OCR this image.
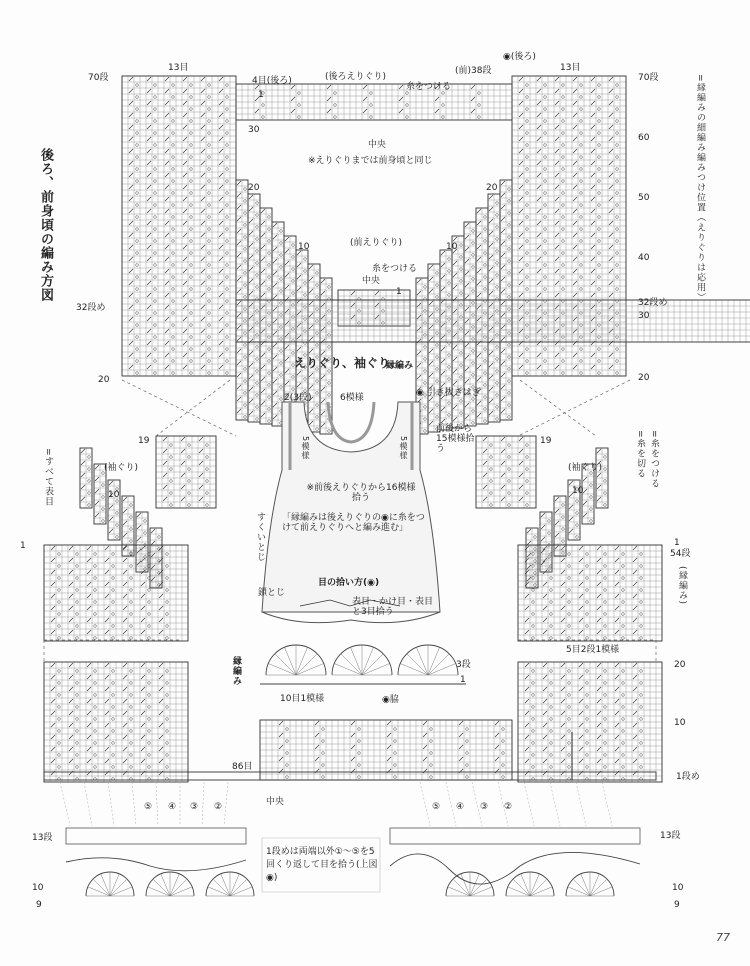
後ろ、前身頃の編み方図	=縁編みの細編み編みつけ位置（えりぐりは応用）
=糸を切る =糸をつける
=すべて表目
70段
13目
4目(後ろ)	(後ろえりぐり)
(前)38段
◉(後ろ)
13目
70段
糸をつける
1
30
中央
※えりぐりまでは前身頃と同じ
20
10	(前えりぐり)
糸をつける
中央
32段め
20
60
50
40
32段め
30
20
20
10
1
えりぐり、袖ぐり
縁編み
2(3段)	6模様	◉ 引き抜きはぎ
5模様	5模様
前後から15模様拾う
※前後えりぐりから16模様拾う
「縁編みは後えりぐりの◉に糸をつけて前えりぐりへと編み進む」
すくいとじ
鎖とじ
目の拾い方(◉)
表目・かけ目・表目と3目拾う
縁編み	3段
1
10目1模様	◉脇
5目2段1模様
(袖ぐり)	(袖ぐり)
19
10
1
19
10
1
54段
(縁編み)
20
10
1段め
86目
中央
13段	13段
10
9
10
9
1段めは両端以外①〜⑤を5回くり返して目を拾う(上図◉)
⑤ ④ ③ ②	⑤ ④ ③ ②
77
